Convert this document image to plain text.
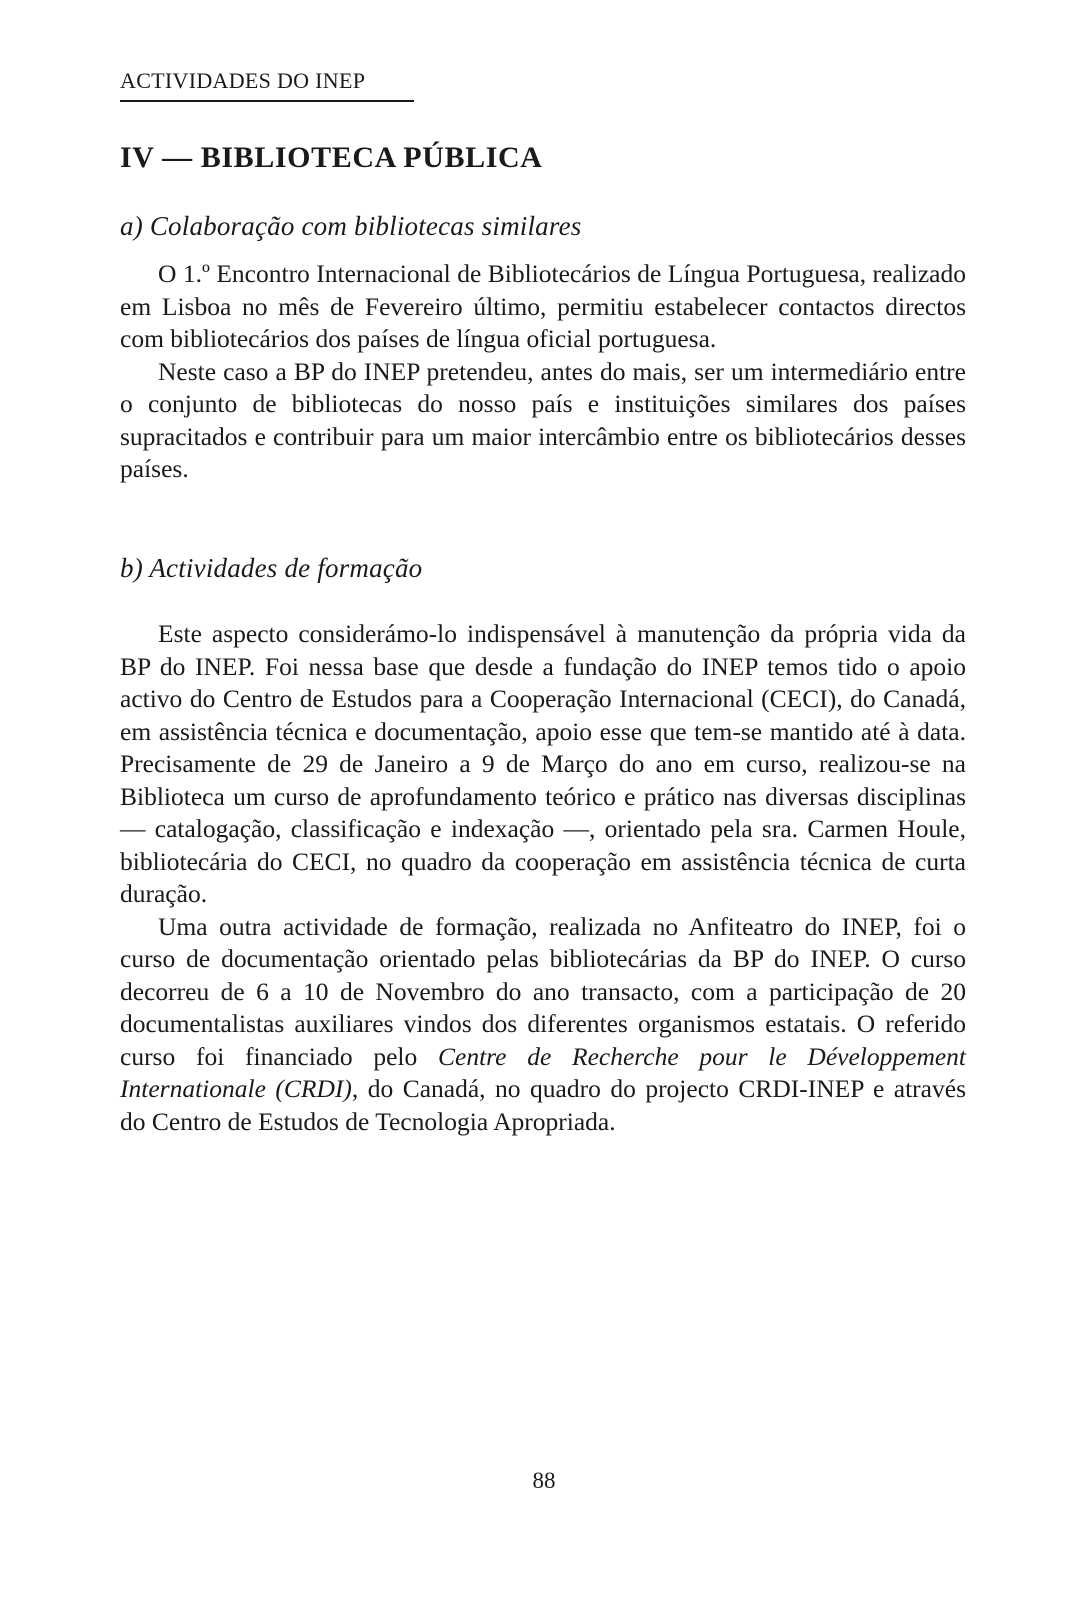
ACTIVIDADES DO INEP
IV — BIBLIOTECA PÚBLICA
a) Colaboração com bibliotecas similares

O 1.º Encontro Internacional de Bibliotecários de Língua Portuguesa, realizado em Lisboa no mês de Fevereiro último, permitiu estabelecer contactos directos com bibliotecários dos países de língua oficial portuguesa.

Neste caso a BP do INEP pretendeu, antes do mais, ser um intermediário entre o conjunto de bibliotecas do nosso país e instituições similares dos países supracitados e contribuir para um maior intercâmbio entre os bibliotecários desses países.

b) Actividades de formação

Este aspecto considerámo-lo indispensável à manutenção da própria vida da BP do INEP. Foi nessa base que desde a fundação do INEP temos tido o apoio activo do Centro de Estudos para a Cooperação Internacional (CECI), do Canadá, em assistência técnica e documentação, apoio esse que tem-se mantido até à data. Precisamente de 29 de Janeiro a 9 de Março do ano em curso, realizou-se na Biblioteca um curso de aprofundamento teórico e prático nas diversas disciplinas — catalogação, classificação e indexação —, orientado pela sra. Carmen Houle, bibliotecária do CECI, no quadro da cooperação em assistência técnica de curta duração.

Uma outra actividade de formação, realizada no Anfiteatro do INEP, foi o curso de documentação orientado pelas bibliotecárias da BP do INEP. O curso decorreu de 6 a 10 de Novembro do ano transacto, com a participação de 20 documentalistas auxiliares vindos dos diferentes organismos estatais. O referido curso foi financiado pelo Centre de Recherche pour le Développement Internationale (CRDI), do Canadá, no quadro do projecto CRDI-INEP e através do Centro de Estudos de Tecnologia Apropriada.

88
